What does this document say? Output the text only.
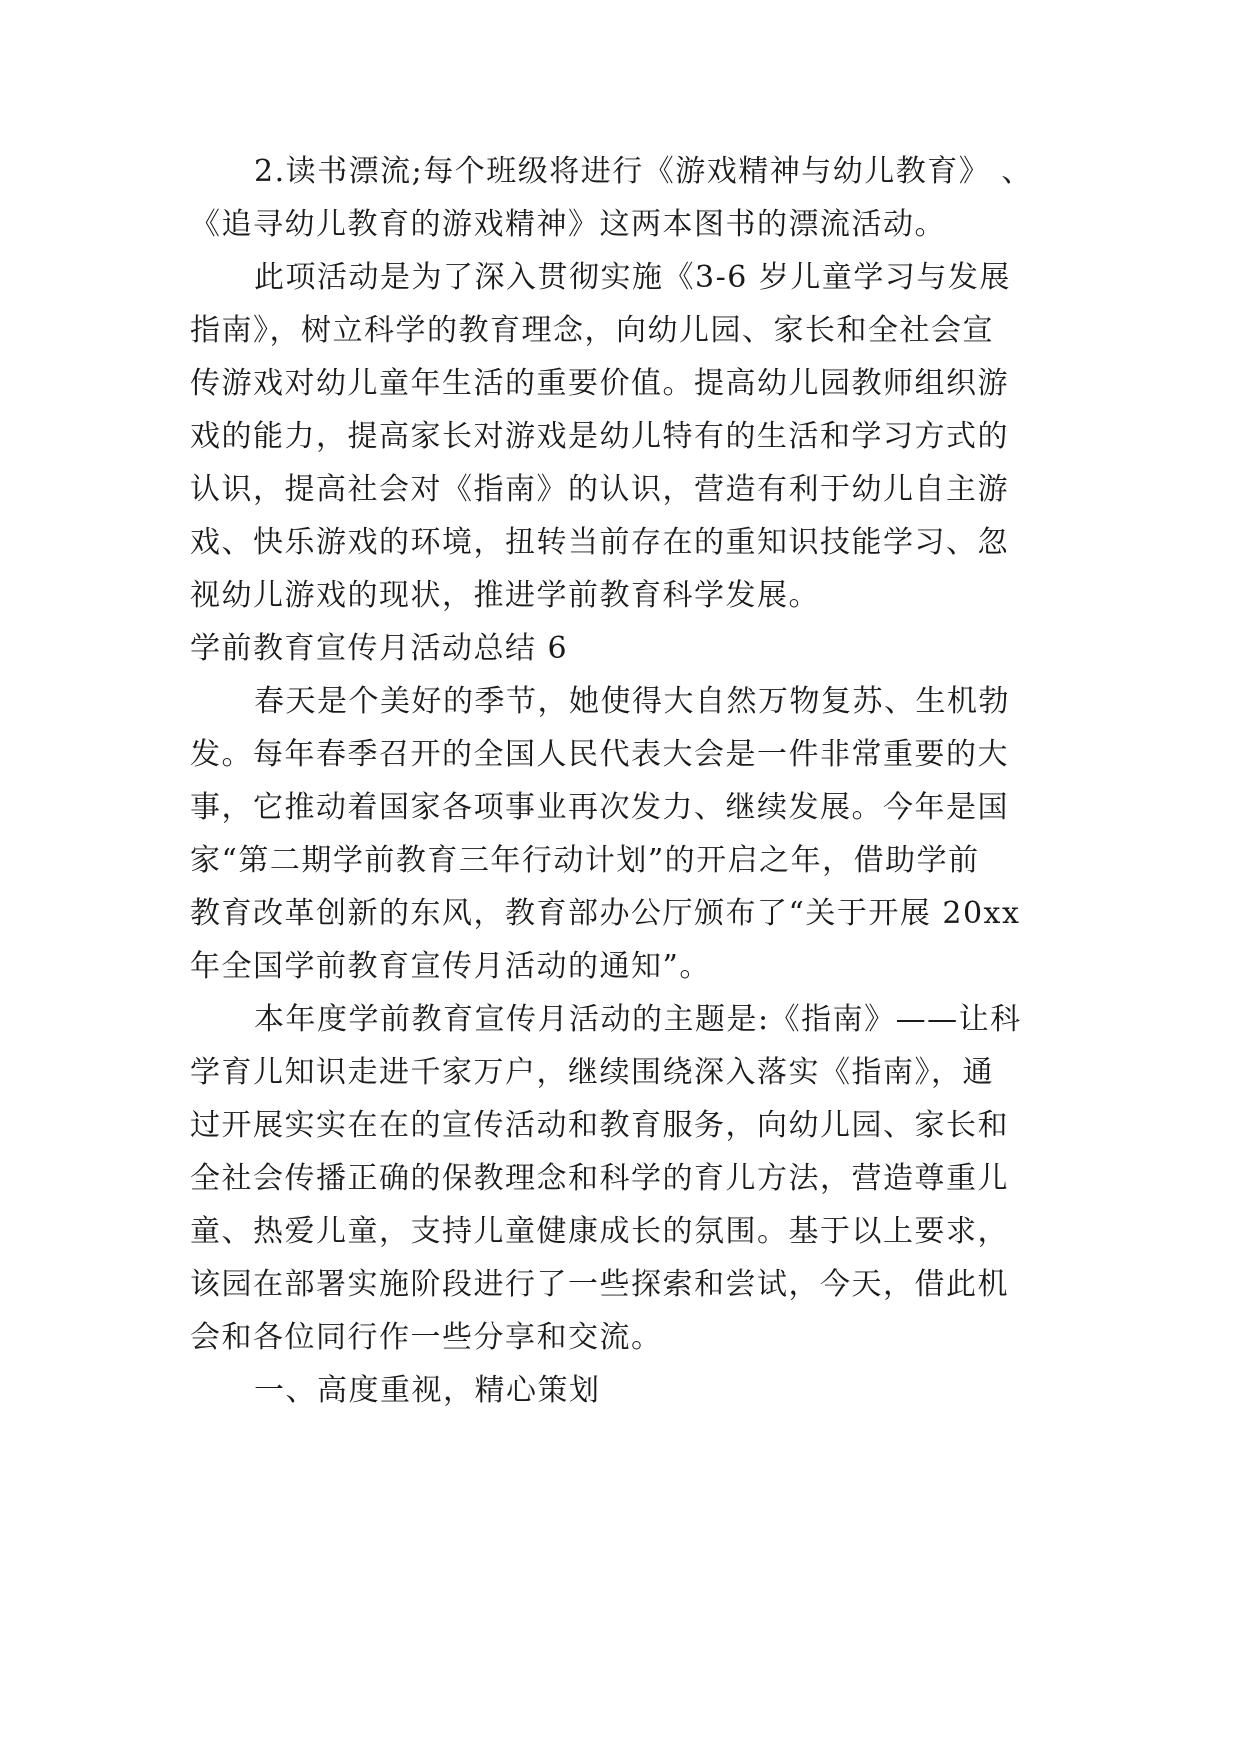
2.读书漂流;每个班级将进行《游戏精神与幼儿教育》 、
《追寻幼儿教育的游戏精神》这两本图书的漂流活动。
此项活动是为了深入贯彻实施《3-6 岁儿童学习与发展
指南》，树立科学的教育理念，向幼儿园、家长和全社会宣
传游戏对幼儿童年生活的重要价值。提高幼儿园教师组织游
戏的能力，提高家长对游戏是幼儿特有的生活和学习方式的
认识，提高社会对《指南》的认识，营造有利于幼儿自主游
戏、快乐游戏的环境，扭转当前存在的重知识技能学习、忽
视幼儿游戏的现状，推进学前教育科学发展。
学前教育宣传月活动总结 6
春天是个美好的季节，她使得大自然万物复苏、生机勃
发。每年春季召开的全国人民代表大会是一件非常重要的大
事，它推动着国家各项事业再次发力、继续发展。今年是国
家“第二期学前教育三年行动计划”的开启之年，借助学前
教育改革创新的东风，教育部办公厅颁布了“关于开展 20xx
年全国学前教育宣传月活动的通知”。
本年度学前教育宣传月活动的主题是:《指南》——让科
学育儿知识走进千家万户，继续围绕深入落实《指南》，通
过开展实实在在的宣传活动和教育服务，向幼儿园、家长和
全社会传播正确的保教理念和科学的育儿方法，营造尊重儿
童、热爱儿童，支持儿童健康成长的氛围。基于以上要求，
该园在部署实施阶段进行了一些探索和尝试，今天，借此机
会和各位同行作一些分享和交流。
一、高度重视，精心策划
